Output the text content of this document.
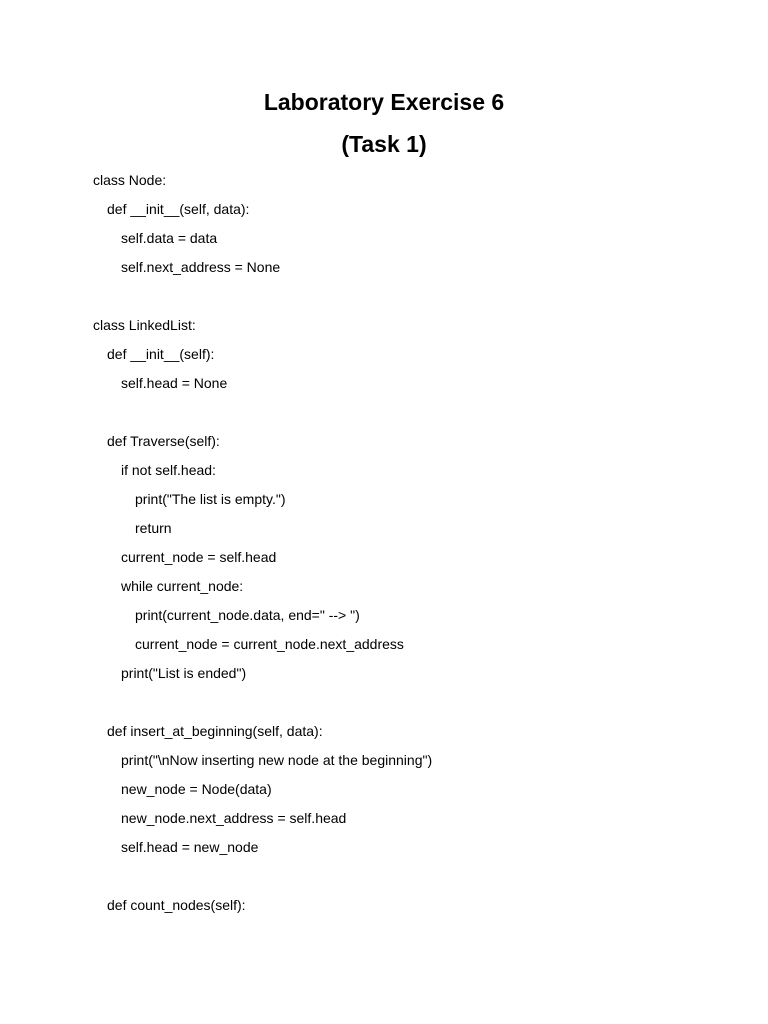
Laboratory Exercise 6
(Task 1)
class Node:
def __init__(self, data):
self.data = data
self.next_address = None
class LinkedList:
def __init__(self):
self.head = None
def Traverse(self):
if not self.head:
print("The list is empty.")
return
current_node = self.head
while current_node:
print(current_node.data, end=" --> ")
current_node = current_node.next_address
print("List is ended")
def insert_at_beginning(self, data):
print("\nNow inserting new node at the beginning")
new_node = Node(data)
new_node.next_address = self.head
self.head = new_node
def count_nodes(self):
